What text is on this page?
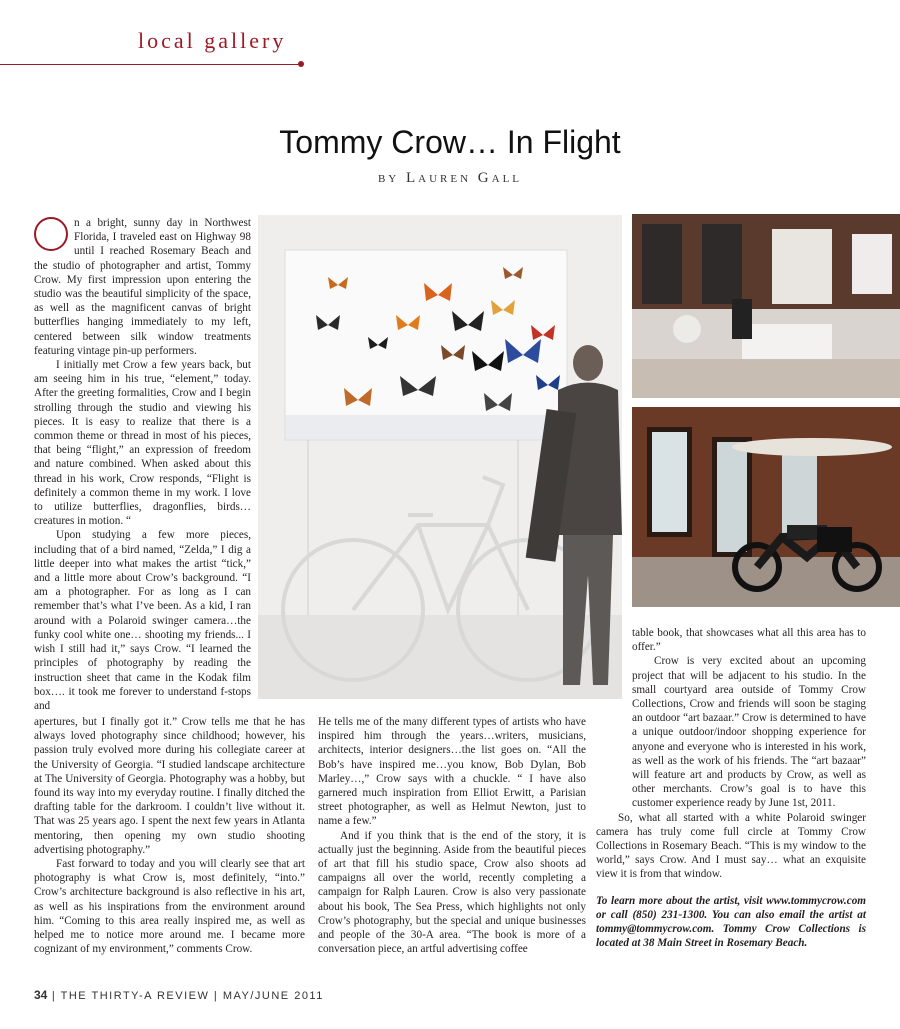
local gallery
Tommy Crow… In Flight
BY Lauren Gall

n a bright, sunny day in Northwest Florida, I traveled east on Highway 98 until I reached Rosemary Beach and the studio of photographer and artist, Tommy Crow. My first impression upon entering the studio was the beautiful simplicity of the space, as well as the magnificent canvas of bright butterflies hanging immediately to my left, centered between silk window treatments featuring vintage pin-up performers.

I initially met Crow a few years back, but am seeing him in his true, “element,” today. After the greeting formalities, Crow and I begin strolling through the studio and viewing his pieces. It is easy to realize that there is a common theme or thread in most of his pieces, that being “flight,” an expression of freedom and nature combined. When asked about this thread in his work, Crow responds, “Flight is definitely a common theme in my work. I love to utilize butterflies, dragonflies, birds…creatures in motion. “

Upon studying a few more pieces, including that of a bird named, “Zelda,” I dig a little deeper into what makes the artist “tick,” and a little more about Crow’s background. “I am a photographer. For as long as I can remember that’s what I’ve been. As a kid, I ran around with a Polaroid swinger camera…the funky cool white one… shooting my friends... I wish I still had it,” says Crow. “I learned the principles of photography by reading the instruction sheet that came in the Kodak film box…. it took me forever to understand f-stops and

apertures, but I finally got it.” Crow tells me that he has always loved photography since childhood; however, his passion truly evolved more during his collegiate career at the University of Georgia. “I studied landscape architecture at The University of Georgia. Photography was a hobby, but found its way into my everyday routine. I finally ditched the drafting table for the darkroom. I couldn’t live without it. That was 25 years ago. I spent the next few years in Atlanta mentoring, then opening my own studio shooting advertising photography.”

Fast forward to today and you will clearly see that art photography is what Crow is, most definitely, “into.” Crow’s architecture background is also reflective in his art, as well as his inspirations from the environment around him. “Coming to this area really inspired me, as well as helped me to notice more around me. I became more cognizant of my environment,” comments Crow.

He tells me of the many different types of artists who have inspired him through the years…writers, musicians, architects, interior designers…the list goes on. “All the Bob’s have inspired me…you know, Bob Dylan, Bob Marley…,” Crow says with a chuckle. “ I have also garnered much inspiration from Elliot Erwitt, a Parisian street photographer, as well as Helmut Newton, just to name a few.”

And if you think that is the end of the story, it is actually just the beginning. Aside from the beautiful pieces of art that fill his studio space, Crow also shoots ad campaigns all over the world, recently completing a campaign for Ralph Lauren. Crow is also very passionate about his book, The Sea Press, which highlights not only Crow’s photography, but the special and unique businesses and people of the 30-A area. “The book is more of a conversation piece, an artful advertising coffee

table book, that showcases what all this area has to offer.”

Crow is very excited about an upcoming project that will be adjacent to his studio. In the small courtyard area outside of Tommy Crow Collections, Crow and friends will soon be staging an outdoor “art bazaar.” Crow is determined to have a unique outdoor/indoor shopping experience for anyone and everyone who is interested in his work, as well as the work of his friends. The “art bazaar” will feature art and products by Crow, as well as other merchants. Crow’s goal is to have this customer experience ready by June 1st, 2011.

So, what all started with a white Polaroid swinger camera has truly come full circle at Tommy Crow Collections in Rosemary Beach. “This is my window to the world,” says Crow. And I must say… what an exquisite view it is from that window.

To learn more about the artist, visit www.tommycrow.com or call (850) 231-1300. You can also email the artist at tommy@tommycrow.com. Tommy Crow Collections is located at 38 Main Street in Rosemary Beach.

34 | THE THIRTY-A REVIEW | MAY/JUNE 2011
